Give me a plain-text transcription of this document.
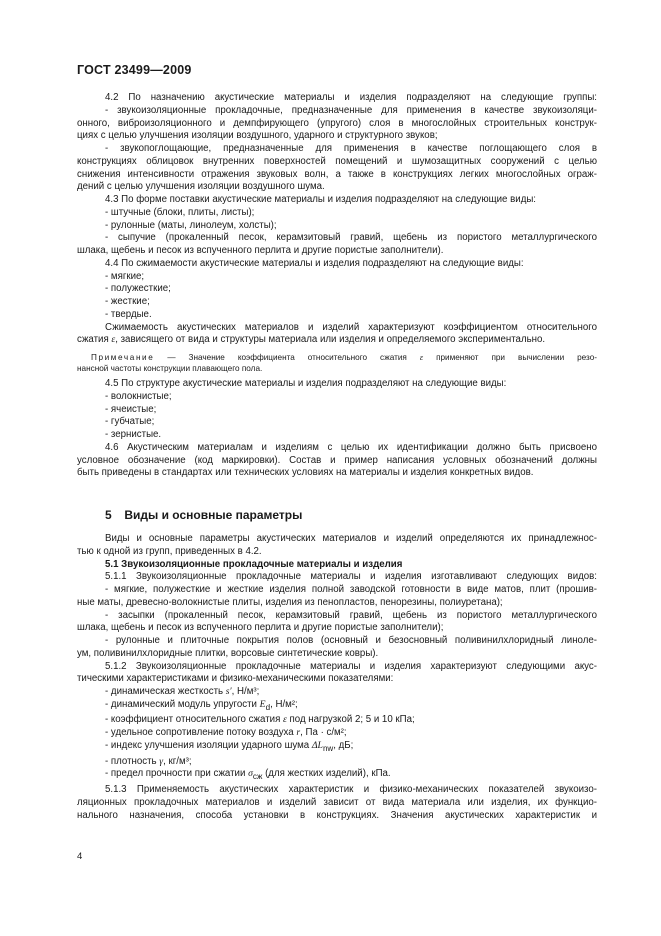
ГОСТ 23499—2009

4.2 По назначению акустические материалы и изделия подразделяют на следующие группы:
- звукоизоляционные прокладочные, предназначенные для применения в качестве звукоизоляци-
онного, виброизоляционного и демпфирующего (упругого) слоя в многослойных строительных конструк-
циях с целью улучшения изоляции воздушного, ударного и структурного звуков;
- звукопоглощающие, предназначенные для применения в качестве поглощающего слоя в
конструкциях облицовок внутренних поверхностей помещений и шумозащитных сооружений с целью
снижения интенсивности отражения звуковых волн, а также в конструкциях легких многослойных ограж-
дений с целью улучшения изоляции воздушного шума.

4.3 По форме поставки акустические материалы и изделия подразделяют на следующие виды:
- штучные (блоки, плиты, листы);
- рулонные (маты, линолеум, холсты);
- сыпучие (прокаленный песок, керамзитовый гравий, щебень из пористого металлургического
шлака, щебень и песок из вспученного перлита и другие пористые заполнители).

4.4 По сжимаемости акустические материалы и изделия подразделяют на следующие виды:
- мягкие;
- полужесткие;
- жесткие;
- твердые.
Сжимаемость акустических материалов и изделий характеризуют коэффициентом относительного
сжатия ε, зависящего от вида и структуры материала или изделия и определяемого экспериментально.

Примечание — Значение коэффициента относительного сжатия ε применяют при вычислении резо-
нансной частоты конструкции плавающего пола.

4.5 По структуре акустические материалы и изделия подразделяют на следующие виды:
- волокнистые;
- ячеистые;
- губчатые;
- зернистые.

4.6 Акустическим материалам и изделиям с целью их идентификации должно быть присвоено
условное обозначение (код маркировки). Состав и пример написания условных обозначений должны
быть приведены в стандартах или технических условиях на материалы и изделия конкретных видов.

5 Виды и основные параметры

Виды и основные параметры акустических материалов и изделий определяются их принадлежнос-
тью к одной из групп, приведенных в 4.2.

5.1 Звукоизоляционные прокладочные материалы и изделия

5.1.1 Звукоизоляционные прокладочные материалы и изделия изготавливают следующих видов:
- мягкие, полужесткие и жесткие изделия полной заводской готовности в виде матов, плит (прошив-
ные маты, древесно-волокнистые плиты, изделия из пенопластов, пенорезины, полиуретана);
- засыпки (прокаленный песок, керамзитовый гравий, щебень из пористого металлургического
шлака, щебень и песок из вспученного перлита и другие пористые заполнители);
- рулонные и плиточные покрытия полов (основный и безосновный поливинилхлоридный линоле-
ум, поливинилхлоридные плитки, ворсовые синтетические ковры).

5.1.2 Звукоизоляционные прокладочные материалы и изделия характеризуют следующими акус-
тическими характеристиками и физико-механическими показателями:
- динамическая жесткость s′, Н/м³;
- динамический модуль упругости $E_d$, Н/м²;
- коэффициент относительного сжатия ε под нагрузкой 2; 5 и 10 кПа;
- удельное сопротивление потоку воздуха r, Па · с/м²;
- индекс улучшения изоляции ударного шума $\Delta L_{nw}$, дБ;
- плотность γ, кг/м³;
- предел прочности при сжатии $\sigma_{сж}$ (для жестких изделий), кПа.

5.1.3 Применяемость акустических характеристик и физико-механических показателей звукоизо-
ляционных прокладочных материалов и изделий зависит от вида материала или изделия, их функцио-
нального назначения, способа установки в конструкциях. Значения акустических характеристик и

4
